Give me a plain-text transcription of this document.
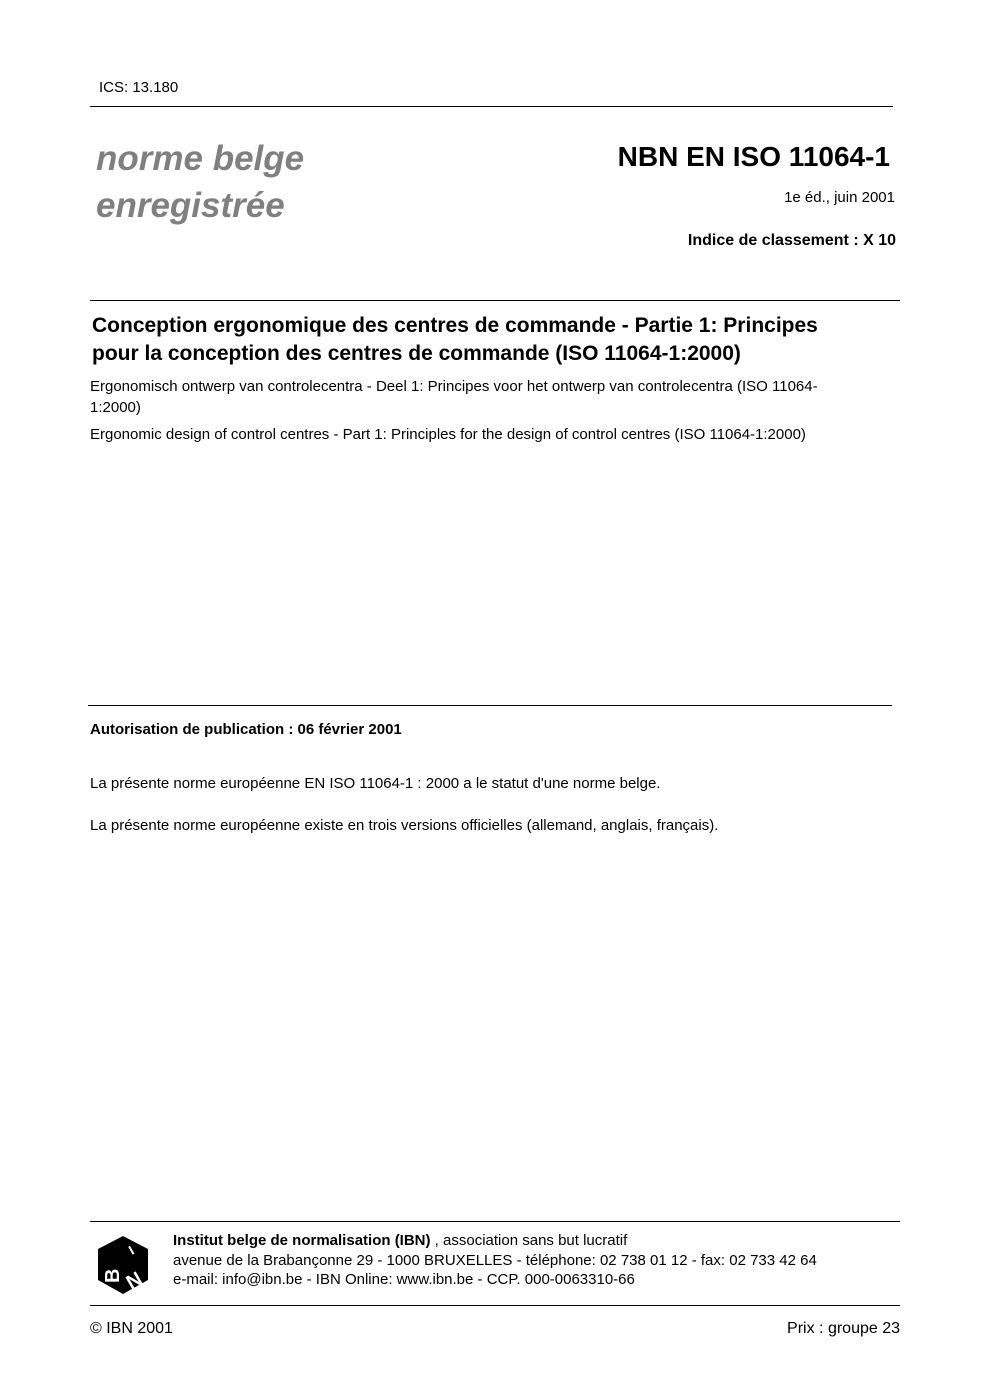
ICS: 13.180
norme belge
enregistrée
NBN EN ISO 11064-1
1e éd., juin 2001
Indice de classement : X 10
Conception ergonomique des centres de commande - Partie 1: Principes
pour la conception des centres de commande (ISO 11064-1:2000)
Ergonomisch ontwerp van controlecentra - Deel 1: Principes voor het ontwerp van controlecentra (ISO 11064-
1:2000)
Ergonomic design of control centres - Part 1: Principles for the design of control centres (ISO 11064-1:2000)
Autorisation de publication : 06 février 2001
La présente norme européenne EN ISO 11064-1 : 2000 a le statut d'une norme belge.
La présente norme européenne existe en trois versions officielles (allemand, anglais, français).
I
B
N
Institut belge de normalisation (IBN) , association sans but lucratif
avenue de la Brabançonne 29 - 1000 BRUXELLES - téléphone: 02 738 01 12 - fax: 02 733 42 64
e-mail: info@ibn.be - IBN Online: www.ibn.be - CCP. 000-0063310-66
© IBN 2001	Prix : groupe 23
